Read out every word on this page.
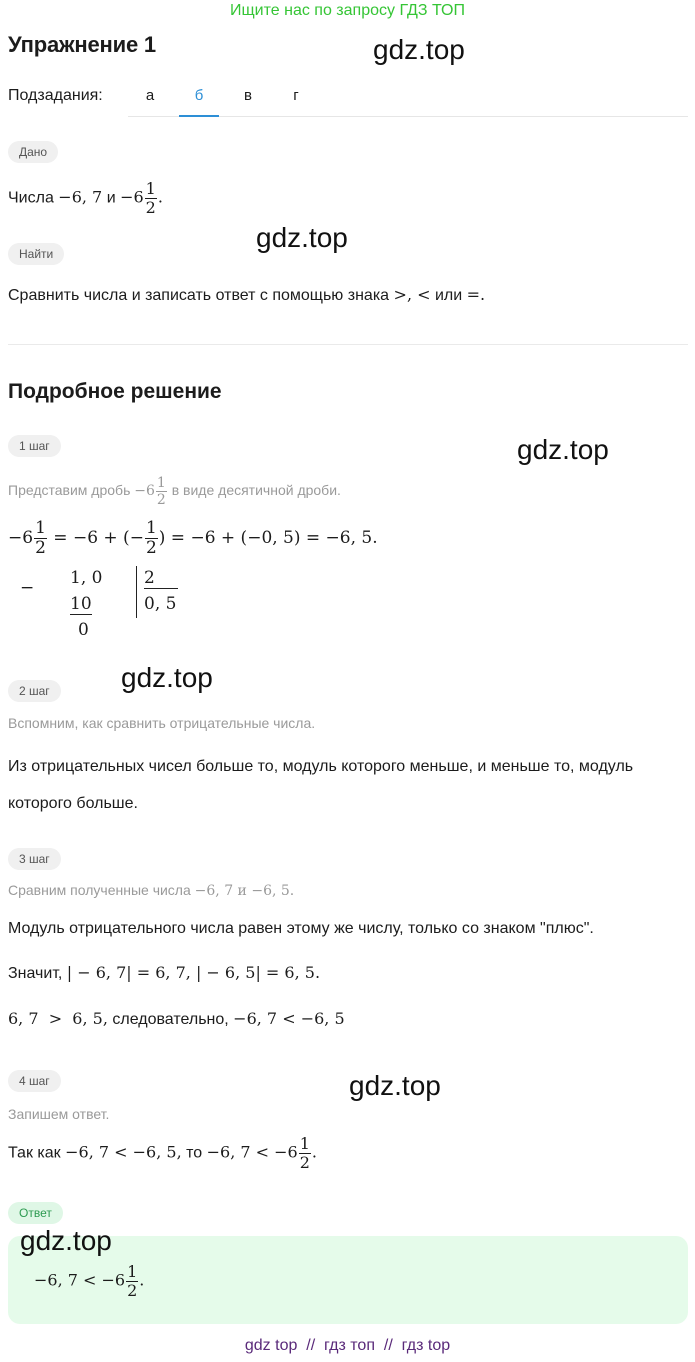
Ищите нас по запросу ГДЗ ТОП
Упражнение 1	gdz.top
Подзадания:	а	б	в	г
Дано
Числа −6, 7 $и -6 \frac{1}{2}$ .
Найти
gdz.top
Сравнить числа и записать ответ с помощью знака >, < или =.
Подробное решение
1 шаг	gdz.top
Представим дробь $-6 \frac{1}{2}$ в виде десятичной дроби.
$-6 \frac{1}{2} = -6$ + (− $\frac{1}{2}$ ) = −6 + (−0, 5) = −6, 5.
− 1, 0
10
0
2
0, 5
gdz.top
2 шаг
Вспомним, как сравнить отрицательные числа.
Из отрицательных чисел больше то, модуль которого меньше, и меньше то, модуль которого больше.
3 шаг
Сравним полученные числа −6, 7 и −6, 5.
Модуль отрицательного числа равен этому же числу, только со знаком "плюс".
Значит, | − 6, 7| = 6, 7, | − 6, 5| = 6, 5.
6, 7  >  6, 5, следовательно, −6, 7 < −6, 5
4 шаг	gdz.top
Запишем ответ.
Так как −6, 7 < −6, 5, то −6, $7 < -6 \frac{1}{2}$ .
Ответ
gdz.top
−6, $7 < -6 \frac{1}{2}$ .
gdz top  //  гдз топ  //  гдз top
